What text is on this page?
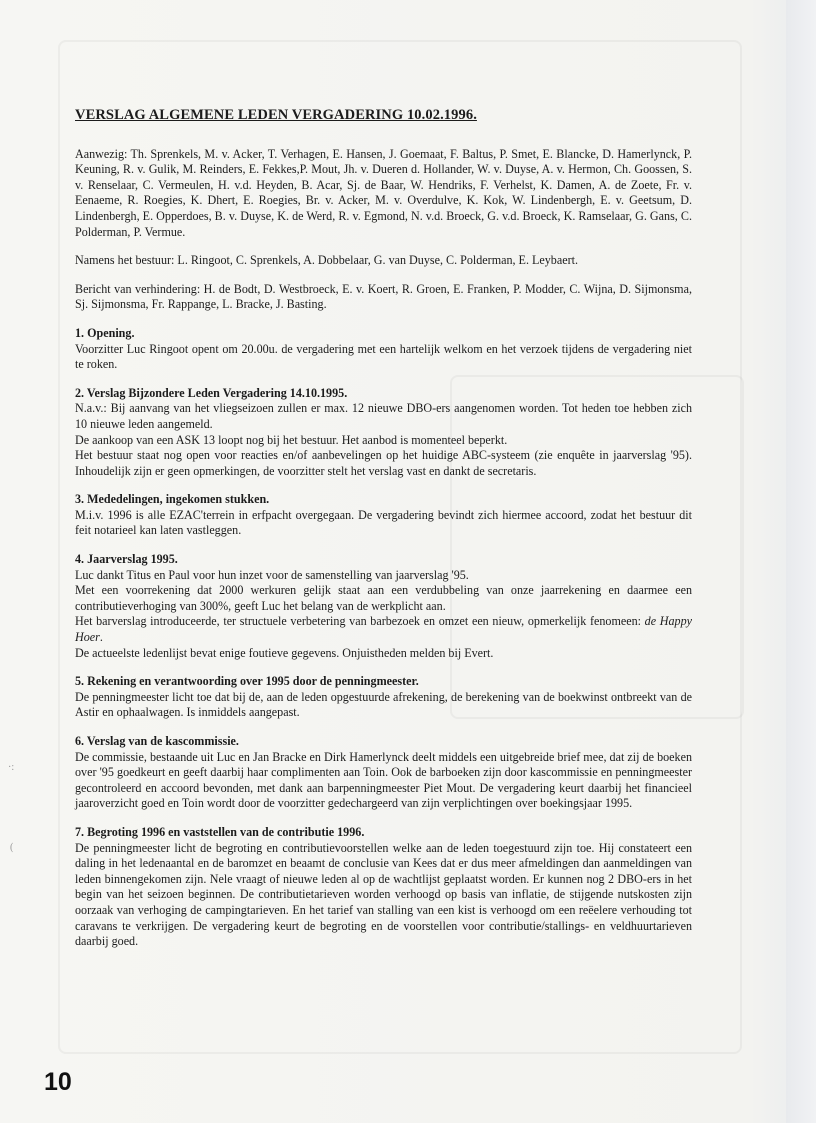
VERSLAG ALGEMENE LEDEN VERGADERING 10.02.1996.

Aanwezig: Th. Sprenkels, M. v. Acker, T. Verhagen, E. Hansen, J. Goemaat, F. Baltus, P. Smet, E. Blancke, D. Hamerlynck, P. Keuning, R. v. Gulik, M. Reinders, E. Fekkes,P. Mout, Jh. v. Dueren d. Hollander, W. v. Duyse, A. v. Hermon, Ch. Goossen, S. v. Renselaar, C. Vermeulen, H. v.d. Heyden, B. Acar, Sj. de Baar, W. Hendriks, F. Verhelst, K. Damen, A. de Zoete, Fr. v. Eenaeme, R. Roegies, K. Dhert, E. Roegies, Br. v. Acker, M. v. Overdulve, K. Kok, W. Lindenbergh, E. v. Geetsum, D. Lindenbergh, E. Opperdoes, B. v. Duyse, K. de Werd, R. v. Egmond, N. v.d. Broeck, G. v.d. Broeck, K. Ramselaar, G. Gans, C. Polderman, P. Vermue.

Namens het bestuur: L. Ringoot, C. Sprenkels, A. Dobbelaar, G. van Duyse, C. Polderman, E. Leybaert.

Bericht van verhindering: H. de Bodt, D. Westbroeck, E. v. Koert, R. Groen, E. Franken, P. Modder, C. Wijna, D. Sijmonsma, Sj. Sijmonsma, Fr. Rappange, L. Bracke, J. Basting.

1. Opening.

Voorzitter Luc Ringoot opent om 20.00u. de vergadering met een hartelijk welkom en het verzoek tijdens de vergadering niet te roken.

2. Verslag Bijzondere Leden Vergadering 14.10.1995.

N.a.v.: Bij aanvang van het vliegseizoen zullen er max. 12 nieuwe DBO-ers aangenomen worden. Tot heden toe hebben zich 10 nieuwe leden aangemeld.

De aankoop van een ASK 13 loopt nog bij het bestuur. Het aanbod is momenteel beperkt.

Het bestuur staat nog open voor reacties en/of aanbevelingen op het huidige ABC-systeem (zie enquête in jaarverslag '95). Inhoudelijk zijn er geen opmerkingen, de voorzitter stelt het verslag vast en dankt de secretaris.

3. Mededelingen, ingekomen stukken.

M.i.v. 1996 is alle EZAC'terrein in erfpacht overgegaan. De vergadering bevindt zich hiermee accoord, zodat het bestuur dit feit notarieel kan laten vastleggen.

4. Jaarverslag 1995.

Luc dankt Titus en Paul voor hun inzet voor de samenstelling van jaarverslag '95.

Met een voorrekening dat 2000 werkuren gelijk staat aan een verdubbeling van onze jaarrekening en daarmee een contributieverhoging van 300%, geeft Luc het belang van de werkplicht aan.

Het barverslag introduceerde, ter structuele verbetering van barbezoek en omzet een nieuw, opmerkelijk fenomeen: de Happy Hoer.

De actueelste ledenlijst bevat enige foutieve gegevens. Onjuistheden melden bij Evert.

5. Rekening en verantwoording over 1995 door de penningmeester.

De penningmeester licht toe dat bij de, aan de leden opgestuurde afrekening, de berekening van de boekwinst ontbreekt van de Astir en ophaalwagen. Is inmiddels aangepast.

6. Verslag van de kascommissie.

De commissie, bestaande uit Luc en Jan Bracke en Dirk Hamerlynck deelt middels een uitgebreide brief mee, dat zij de boeken over '95 goedkeurt en geeft daarbij haar complimenten aan Toin. Ook de barboeken zijn door kascommissie en penningmeester gecontroleerd en accoord bevonden, met dank aan barpenningmeester Piet Mout. De vergadering keurt daarbij het financieel jaaroverzicht goed en Toin wordt door de voorzitter gedechargeerd van zijn verplichtingen over boekingsjaar 1995.

7. Begroting 1996 en vaststellen van de contributie 1996.

De penningmeester licht de begroting en contributievoorstellen welke aan de leden toegestuurd zijn toe. Hij constateert een daling in het ledenaantal en de baromzet en beaamt de conclusie van Kees dat er dus meer afmeldingen dan aanmeldingen van leden binnengekomen zijn. Nele vraagt of nieuwe leden al op de wachtlijst geplaatst worden. Er kunnen nog 2 DBO-ers in het begin van het seizoen beginnen. De contributietarieven worden verhoogd op basis van inflatie, de stijgende nutskosten zijn oorzaak van verhoging de campingtarieven. En het tarief van stalling van een kist is verhoogd om een reëelere verhouding tot caravans te verkrijgen. De vergadering keurt de begroting en de voorstellen voor contributie/stallings- en veldhuurtarieven daarbij goed.

·:
(
10
